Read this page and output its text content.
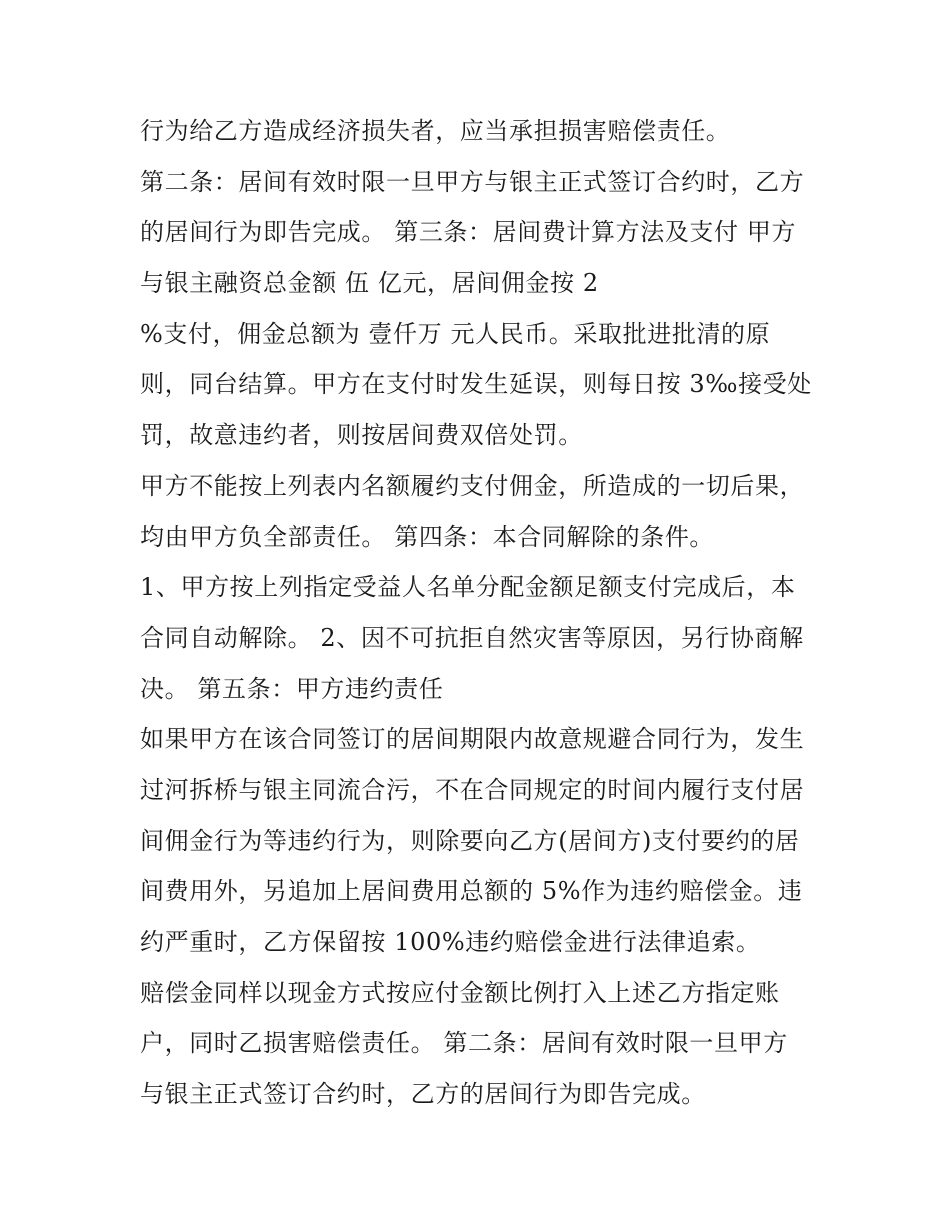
行为给乙方造成经济损失者，应当承担损害赔偿责任。
第二条：居间有效时限一旦甲方与银主正式签订合约时，乙方
的居间行为即告完成。 第三条：居间费计算方法及支付 甲方
与银主融资总金额 伍 亿元，居间佣金按 2
%支付，佣金总额为 壹仟万 元人民币。采取批进批清的原
则，同台结算。甲方在支付时发生延误，则每日按 3‰接受处
罚，故意违约者，则按居间费双倍处罚。
甲方不能按上列表内名额履约支付佣金，所造成的一切后果，
均由甲方负全部责任。 第四条：本合同解除的条件。
1、甲方按上列指定受益人名单分配金额足额支付完成后，本
合同自动解除。 2、因不可抗拒自然灾害等原因，另行协商解
决。 第五条：甲方违约责任
如果甲方在该合同签订的居间期限内故意规避合同行为，发生
过河拆桥与银主同流合污，不在合同规定的时间内履行支付居
间佣金行为等违约行为，则除要向乙方(居间方)支付要约的居
间费用外，另追加上居间费用总额的 5%作为违约赔偿金。违
约严重时，乙方保留按 100%违约赔偿金进行法律追索。
赔偿金同样以现金方式按应付金额比例打入上述乙方指定账
户，同时乙损害赔偿责任。 第二条：居间有效时限一旦甲方
与银主正式签订合约时，乙方的居间行为即告完成。
